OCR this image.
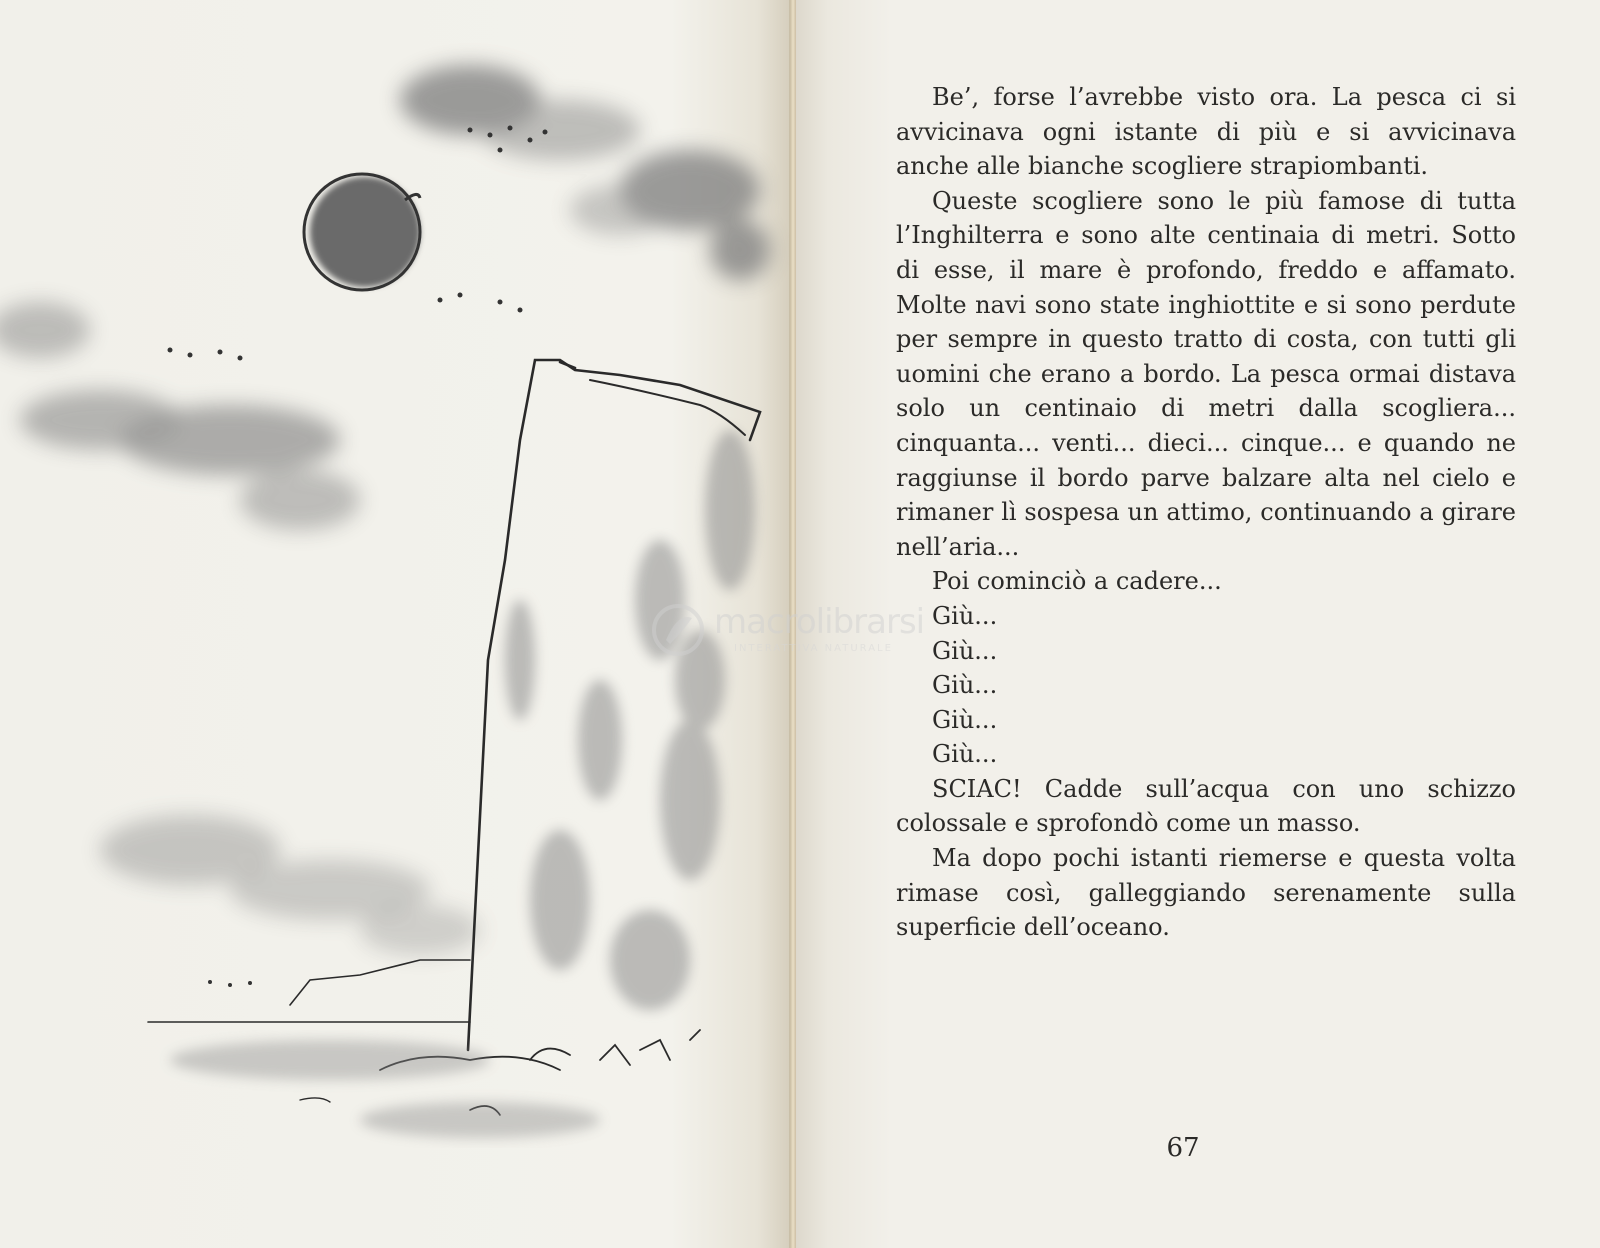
Be’, forse l’avrebbe visto ora. La pesca ci si avvicinava ogni istante di più e si avvicinava anche alle bianche scogliere strapiombanti.

Queste scogliere sono le più famose di tutta l’Inghilterra e sono alte centinaia di metri. Sotto di esse, il mare è profondo, freddo e affamato. Molte navi sono state inghiottite e si sono perdute per sempre in questo tratto di costa, con tutti gli uomini che erano a bordo. La pesca ormai distava solo un centinaio di metri dalla scogliera... cinquanta... venti... dieci... cinque... e quando ne raggiunse il bordo parve balzare alta nel cielo e rimaner lì sospesa un attimo, continuando a girare nell’aria...

Poi cominciò a cadere...

Giù...

Giù...

Giù...

Giù...

Giù...

SCIAC! Cadde sull’acqua con uno schizzo colossale e sprofondò come un masso.

Ma dopo pochi istanti riemerse e questa volta rimase così, galleggiando serenamente sulla superficie dell’oceano.

67
macrolibrarsi
INTERATTIVA NATURALE
